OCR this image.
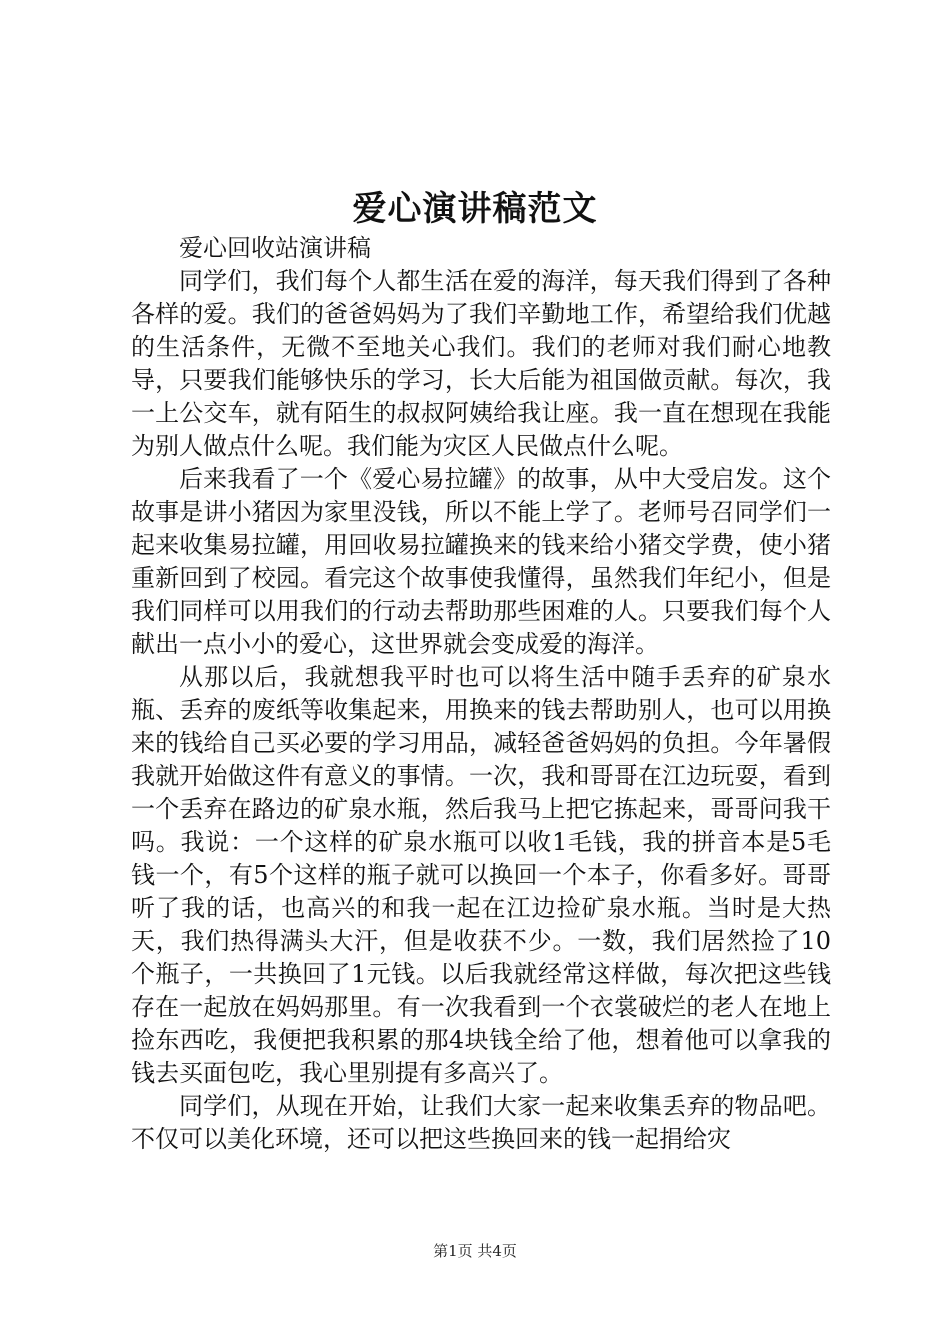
爱心演讲稿范文

爱心回收站演讲稿

同学们，我们每个人都生活在爱的海洋，每天我们得到了各种各样的爱。我们的爸爸妈妈为了我们辛勤地工作，希望给我们优越的生活条件，无微不至地关心我们。我们的老师对我们耐心地教导，只要我们能够快乐的学习，长大后能为祖国做贡献。每次，我一上公交车，就有陌生的叔叔阿姨给我让座。我一直在想现在我能为别人做点什么呢。我们能为灾区人民做点什么呢。

后来我看了一个《爱心易拉罐》的故事，从中大受启发。这个故事是讲小猪因为家里没钱，所以不能上学了。老师号召同学们一起来收集易拉罐，用回收易拉罐换来的钱来给小猪交学费，使小猪重新回到了校园。看完这个故事使我懂得，虽然我们年纪小，但是我们同样可以用我们的行动去帮助那些困难的人。只要我们每个人献出一点小小的爱心，这世界就会变成爱的海洋。

从那以后，我就想我平时也可以将生活中随手丢弃的矿泉水瓶、丢弃的废纸等收集起来，用换来的钱去帮助别人，也可以用换来的钱给自己买必要的学习用品，减轻爸爸妈妈的负担。今年暑假我就开始做这件有意义的事情。一次，我和哥哥在江边玩耍，看到一个丢弃在路边的矿泉水瓶，然后我马上把它拣起来，哥哥问我干吗。我说：一个这样的矿泉水瓶可以收1毛钱，我的拼音本是5毛钱一个，有5个这样的瓶子就可以换回一个本子，你看多好。哥哥听了我的话，也高兴的和我一起在江边捡矿泉水瓶。当时是大热天，我们热得满头大汗，但是收获不少。一数，我们居然捡了10个瓶子，一共换回了1元钱。以后我就经常这样做，每次把这些钱存在一起放在妈妈那里。有一次我看到一个衣裳破烂的老人在地上捡东西吃，我便把我积累的那4块钱全给了他，想着他可以拿我的钱去买面包吃，我心里别提有多高兴了。

同学们，从现在开始，让我们大家一起来收集丢弃的物品吧。不仅可以美化环境，还可以把这些换回来的钱一起捐给灾

第1页 共4页
